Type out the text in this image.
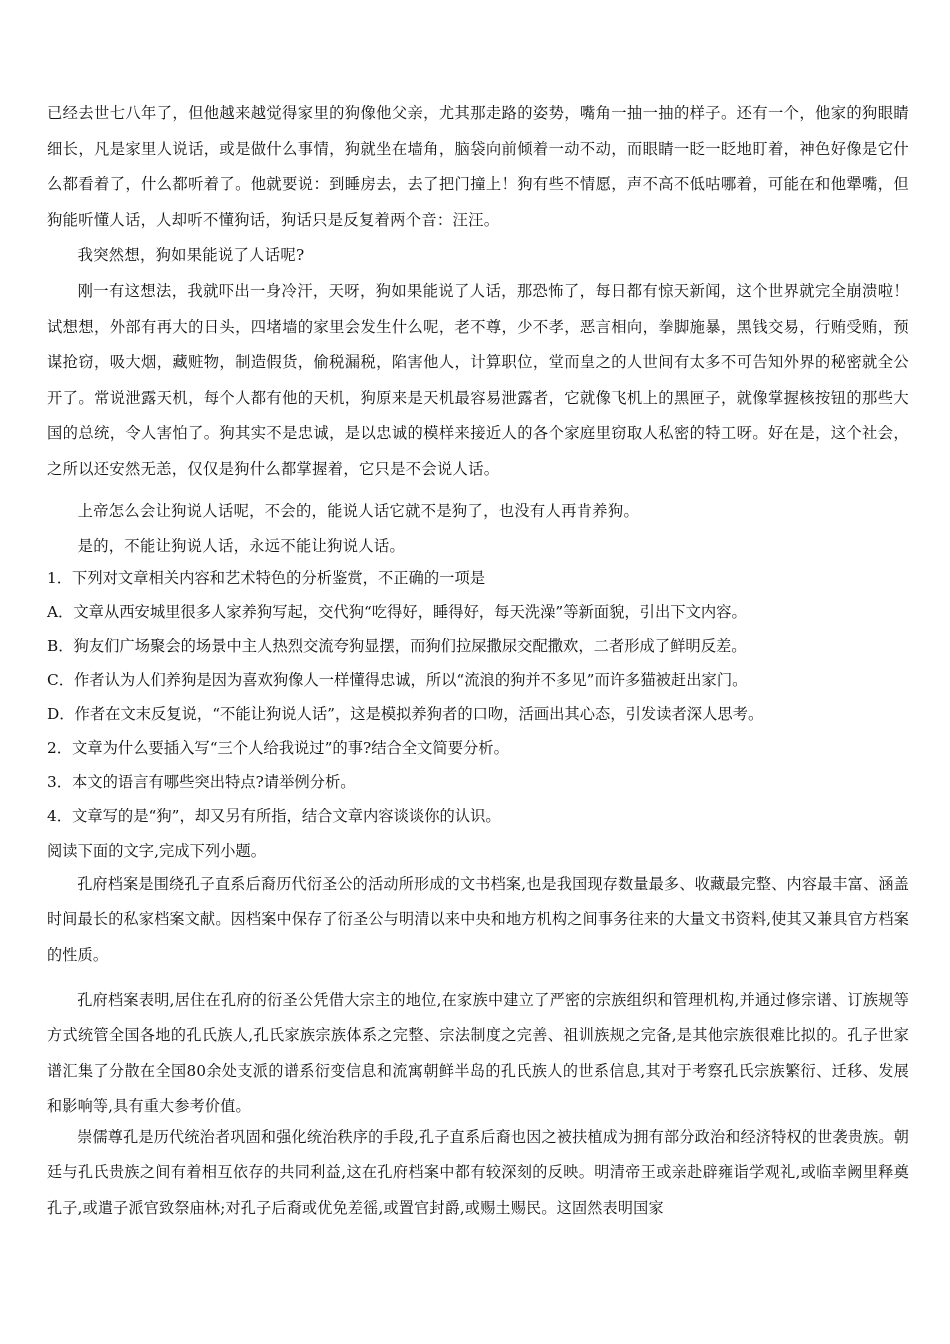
已经去世七八年了，但他越来越觉得家里的狗像他父亲，尤其那走路的姿势，嘴角一抽一抽的样子。还有一个，他家的狗眼睛细长，凡是家里人说话，或是做什么事情，狗就坐在墙角，脑袋向前倾着一动不动，而眼睛一眨一眨地盯着，神色好像是它什么都看着了，什么都听着了。他就要说：到睡房去，去了把门撞上！狗有些不情愿，声不高不低咕哪着，可能在和他犟嘴，但狗能听懂人话，人却听不懂狗话，狗话只是反复着两个音：汪汪。

我突然想，狗如果能说了人话呢?

刚一有这想法，我就吓出一身冷汗，天呀，狗如果能说了人话，那恐怖了，每日都有惊天新闻，这个世界就完全崩溃啦！试想想，外部有再大的日头，四堵墙的家里会发生什么呢，老不尊，少不孝，恶言相向，拳脚施暴，黑钱交易，行贿受贿，预谋抢窃，吸大烟，藏赃物，制造假货，偷税漏税，陷害他人，计算职位，堂而皇之的人世间有太多不可告知外界的秘密就全公开了。常说泄露天机，每个人都有他的天机，狗原来是天机最容易泄露者，它就像飞机上的黑匣子，就像掌握核按钮的那些大国的总统，令人害怕了。狗其实不是忠诚，是以忠诚的模样来接近人的各个家庭里窃取人私密的特工呀。好在是，这个社会，之所以还安然无恙，仅仅是狗什么都掌握着，它只是不会说人话。

上帝怎么会让狗说人话呢，不会的，能说人话它就不是狗了，也没有人再肯养狗。

是的，不能让狗说人话，永远不能让狗说人话。

1．下列对文章相关内容和艺术特色的分析鉴赏，不正确的一项是
A．文章从西安城里很多人家养狗写起，交代狗“吃得好，睡得好，每天洗澡”等新面貌，引出下文内容。
B．狗友们广场聚会的场景中主人热烈交流夸狗显摆，而狗们拉屎撒尿交配撒欢，二者形成了鲜明反差。
C．作者认为人们养狗是因为喜欢狗像人一样懂得忠诚，所以“流浪的狗并不多见”而许多猫被赶出家门。
D．作者在文末反复说，“不能让狗说人话”，这是模拟养狗者的口吻，活画出其心态，引发读者深人思考。
2．文章为什么要插入写“三个人给我说过”的事?结合全文简要分析。
3．本文的语言有哪些突出特点?请举例分析。
4．文章写的是“狗”，却又另有所指，结合文章内容谈谈你的认识。
阅读下面的文字,完成下列小题。

孔府档案是围绕孔子直系后裔历代衍圣公的活动所形成的文书档案,也是我国现存数量最多、收藏最完整、内容最丰富、涵盖时间最长的私家档案文献。因档案中保存了衍圣公与明清以来中央和地方机构之间事务往来的大量文书资料,使其又兼具官方档案的性质。

孔府档案表明,居住在孔府的衍圣公凭借大宗主的地位,在家族中建立了严密的宗族组织和管理机构,并通过修宗谱、订族规等方式统管全国各地的孔氏族人,孔氏家族宗族体系之完整、宗法制度之完善、祖训族规之完备,是其他宗族很难比拟的。孔子世家谱汇集了分散在全国80余处支派的谱系衍变信息和流寓朝鲜半岛的孔氏族人的世系信息,其对于考察孔氏宗族繁衍、迁移、发展和影响等,具有重大参考价值。

崇儒尊孔是历代统治者巩固和强化统治秩序的手段,孔子直系后裔也因之被扶植成为拥有部分政治和经济特权的世袭贵族。朝廷与孔氏贵族之间有着相互依存的共同利益,这在孔府档案中都有较深刻的反映。明清帝王或亲赴辟雍诣学观礼,或临幸阙里释奠孔子,或遣子派官致祭庙林;对孔子后裔或优免差徭,或置官封爵,或赐土赐民。这固然表明国家
